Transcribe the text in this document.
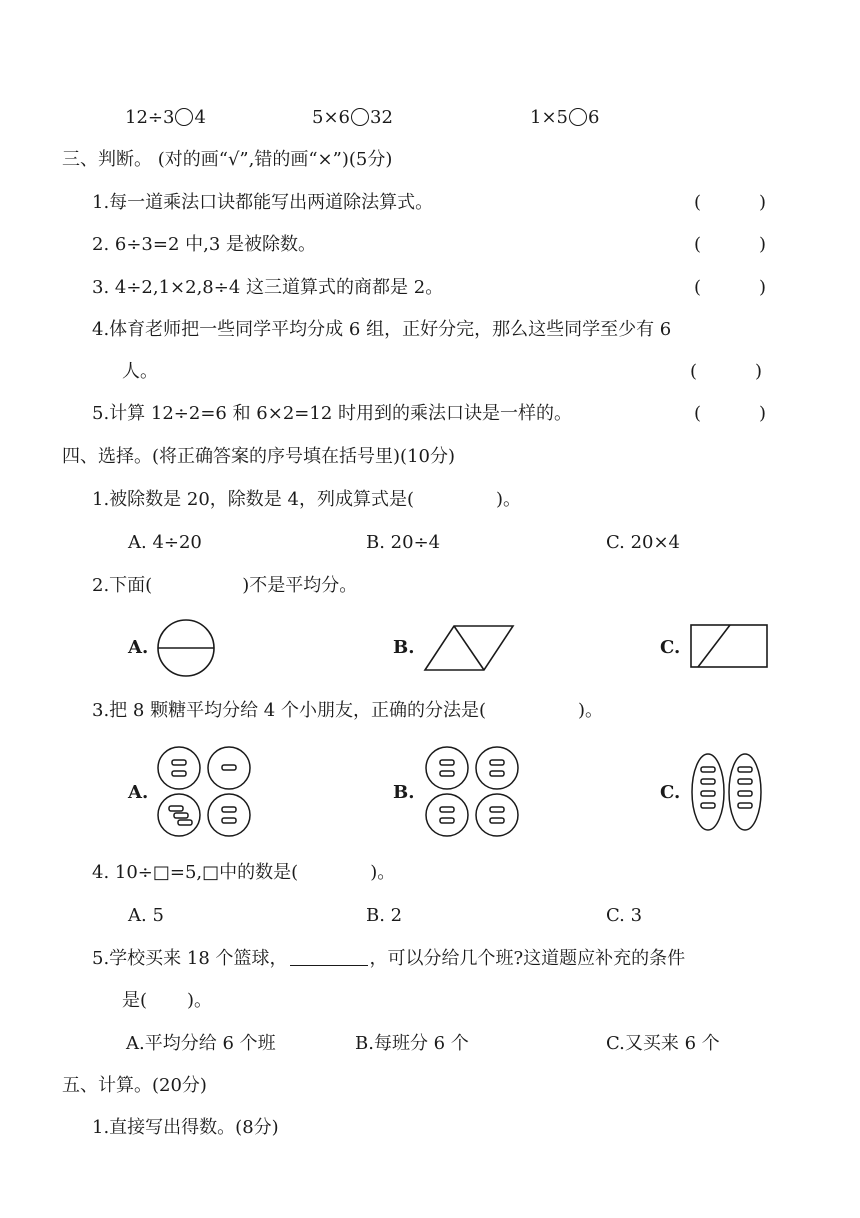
12÷3 4	5×6 32	1×5 6
三、判断。 (对的画“√”,错的画“×”)(5分)
1.每一道乘法口诀都能写出两道除法算式。	(	)
2. 6÷3=2 中,3 是被除数。	(	)
3. 4÷2,1×2,8÷4 这三道算式的商都是 2。	(	)
4.体育老师把一些同学平均分成 6 组，正好分完，那么这些同学至少有 6
人。	(	)
5.计算 12÷2=6 和 6×2=12 时用到的乘法口诀是一样的。	(	)
四、选择。(将正确答案的序号填在括号里)(10分)
1.被除数是 20，除数是 4，列成算式是(	)。
A. 4÷20	B. 20÷4	C. 20×4
2.下面(	)不是平均分。
A.	B.	C.
3.把 8 颗糖平均分给 4 个小朋友，正确的分法是(	)。
A.	B.	C.
4. 10÷□=5,□中的数是(	)。
A. 5	B. 2	C. 3
5.学校买来 18 个篮球，	，可以分给几个班?这道题应补充的条件
是( )。
A.平均分给 6 个班	B.每班分 6 个	C.又买来 6 个
五、计算。(20分)
1.直接写出得数。(8分)
